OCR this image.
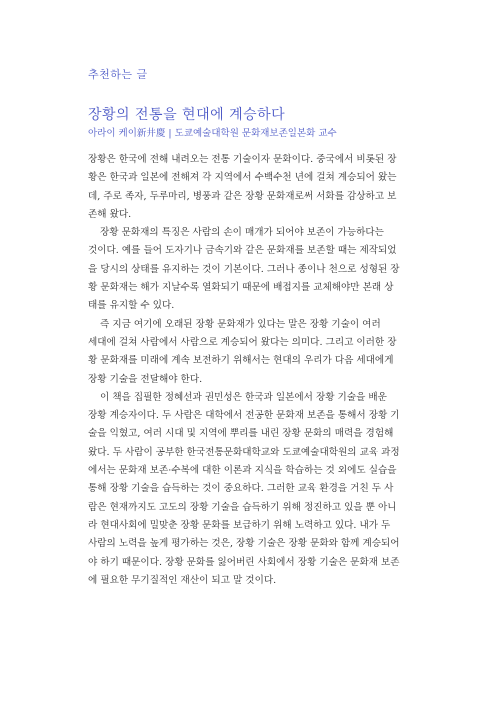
추천하는 글
장황의 전통을 현대에 계승하다
아라이 케이新井慶 | 도쿄예술대학원 문화재보존일본화 교수

장황은 한국에 전해 내려오는 전통 기술이자 문화이다. 중국에서 비롯된 장
황은 한국과 일본에 전해져 각 지역에서 수백수천 년에 걸쳐 계승되어 왔는
데, 주로 족자, 두루마리, 병풍과 같은 장황 문화재로써 서화를 감상하고 보
존해 왔다.

장황 문화재의 특징은 사람의 손이 매개가 되어야 보존이 가능하다는
것이다. 예를 들어 도자기나 금속기와 같은 문화재를 보존할 때는 제작되었
을 당시의 상태를 유지하는 것이 기본이다. 그러나 종이나 천으로 성형된 장
황 문화재는 해가 지날수록 열화되기 때문에 배접지를 교체해야만 본래 상
태를 유지할 수 있다.

즉 지금 여기에 오래된 장황 문화재가 있다는 말은 장황 기술이 여러
세대에 걸쳐 사람에서 사람으로 계승되어 왔다는 의미다. 그리고 이러한 장
황 문화재를 미래에 계속 보전하기 위해서는 현대의 우리가 다음 세대에게
장황 기술을 전달해야 한다.

이 책을 집필한 정혜선과 권민성은 한국과 일본에서 장황 기술을 배운
장황 계승자이다. 두 사람은 대학에서 전공한 문화재 보존을 통해서 장황 기
술을 익혔고, 여러 시대 및 지역에 뿌리를 내린 장황 문화의 매력을 경험해
왔다. 두 사람이 공부한 한국전통문화대학교와 도쿄예술대학원의 교육 과정
에서는 문화재 보존·수복에 대한 이론과 지식을 학습하는 것 외에도 실습을
통해 장황 기술을 습득하는 것이 중요하다. 그러한 교육 환경을 거친 두 사
람은 현재까지도 고도의 장황 기술을 습득하기 위해 정진하고 있을 뿐 아니
라 현대사회에 밀맞춘 장황 문화를 보급하기 위해 노력하고 있다. 내가 두
사람의 노력을 높게 평가하는 것은, 장황 기술은 장황 문화와 함께 계승되어
야 하기 때문이다. 장황 문화를 잃어버린 사회에서 장황 기술은 문화재 보존
에 필요한 무기질적인 재산이 되고 말 것이다.
